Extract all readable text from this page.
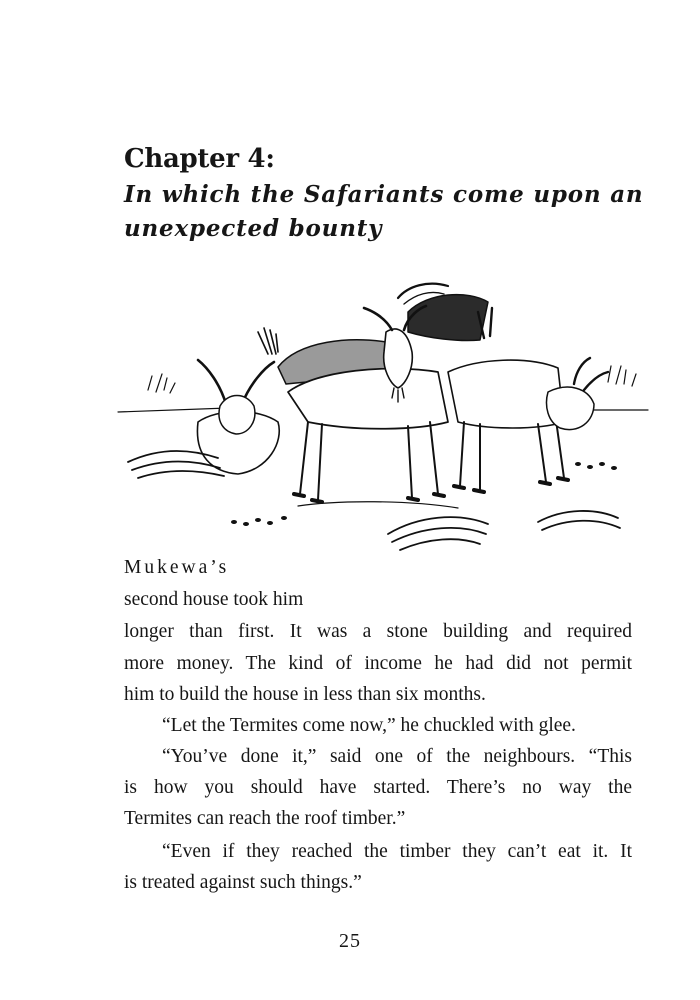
Chapter 4:
In which the Safariants come upon an unexpected bounty

Mukewa’s

second house took him

longer than first. It was a stone building and required

more money. The kind of income he had did not permit

him to build the house in less than six months.

“Let the Termites come now,” he chuckled with glee.

“You’ve done it,” said one of the neighbours. “This

is how you should have started. There’s no way the

Termites can reach the roof timber.”

“Even if they reached the timber they can’t eat it. It

is treated against such things.”

25
